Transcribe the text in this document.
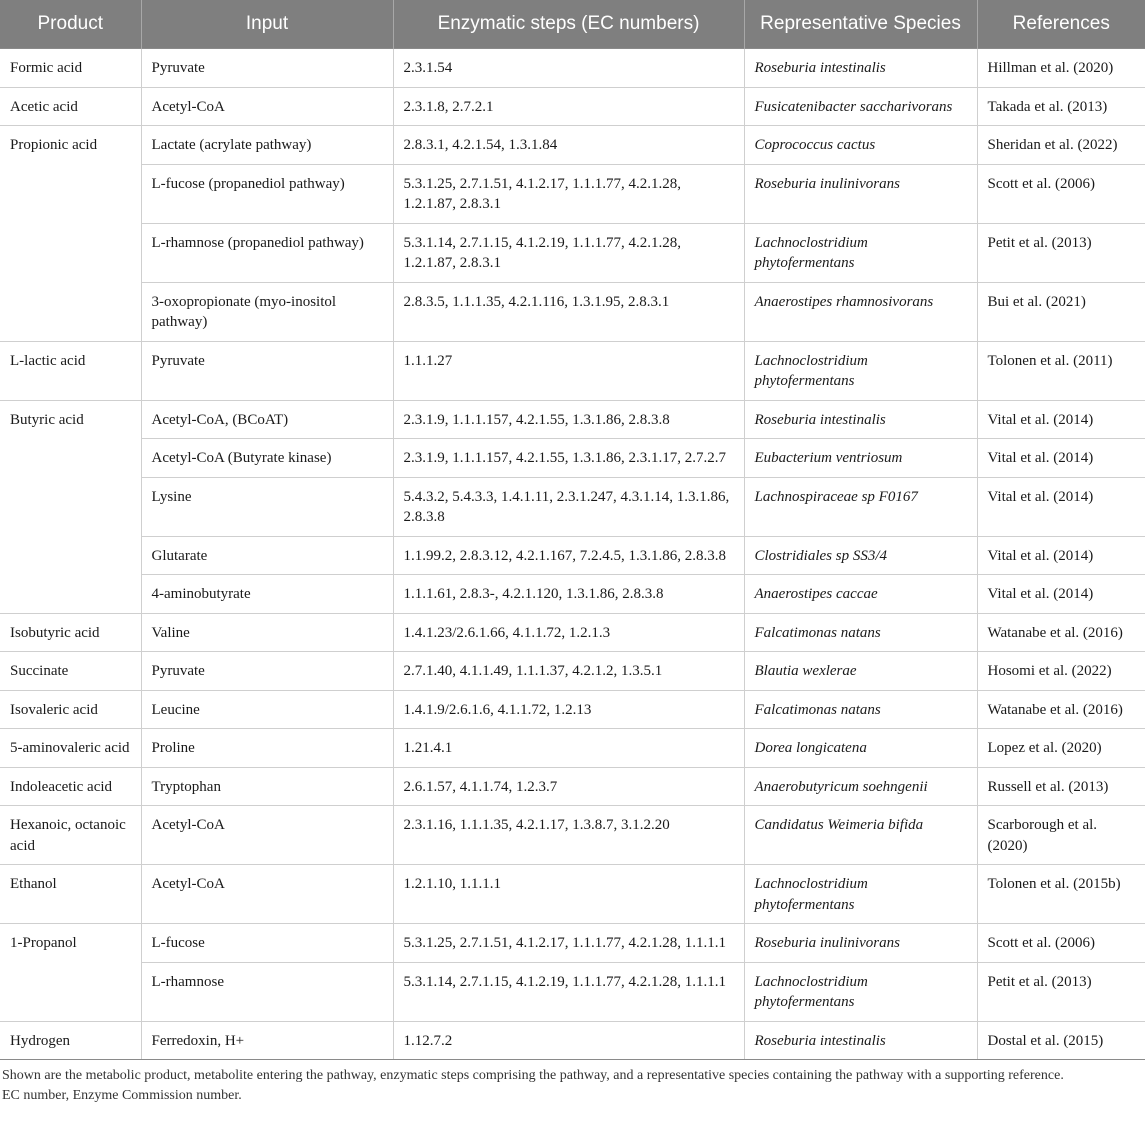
Product	Input	Enzymatic steps (EC numbers)	Representative Species	References
Formic acid	Pyruvate	2.3.1.54	Roseburia intestinalis	Hillman et al. (2020)
Acetic acid	Acetyl-CoA	2.3.1.8, 2.7.2.1	Fusicatenibacter saccharivorans	Takada et al. (2013)
Propionic acid	Lactate (acrylate pathway)	2.8.3.1, 4.2.1.54, 1.3.1.84	Coprococcus cactus	Sheridan et al. (2022)
	L-fucose (propanediol pathway)	5.3.1.25, 2.7.1.51, 4.1.2.17, 1.1.1.77, 4.2.1.28, 1.2.1.87, 2.8.3.1	Roseburia inulinivorans	Scott et al. (2006)
	L-rhamnose (propanediol pathway)	5.3.1.14, 2.7.1.15, 4.1.2.19, 1.1.1.77, 4.2.1.28, 1.2.1.87, 2.8.3.1	Lachnoclostridium phytofermentans	Petit et al. (2013)
	3-oxopropionate (myo-inositol pathway)	2.8.3.5, 1.1.1.35, 4.2.1.116, 1.3.1.95, 2.8.3.1	Anaerostipes rhamnosivorans	Bui et al. (2021)
L-lactic acid	Pyruvate	1.1.1.27	Lachnoclostridium phytofermentans	Tolonen et al. (2011)
Butyric acid	Acetyl-CoA, (BCoAT)	2.3.1.9, 1.1.1.157, 4.2.1.55, 1.3.1.86, 2.8.3.8	Roseburia intestinalis	Vital et al. (2014)
	Acetyl-CoA (Butyrate kinase)	2.3.1.9, 1.1.1.157, 4.2.1.55, 1.3.1.86, 2.3.1.17, 2.7.2.7	Eubacterium ventriosum	Vital et al. (2014)
	Lysine	5.4.3.2, 5.4.3.3, 1.4.1.11, 2.3.1.247, 4.3.1.14, 1.3.1.86, 2.8.3.8	Lachnospiraceae sp F0167	Vital et al. (2014)
	Glutarate	1.1.99.2, 2.8.3.12, 4.2.1.167, 7.2.4.5, 1.3.1.86, 2.8.3.8	Clostridiales sp SS3/4	Vital et al. (2014)
	4-aminobutyrate	1.1.1.61, 2.8.3-, 4.2.1.120, 1.3.1.86, 2.8.3.8	Anaerostipes caccae	Vital et al. (2014)
Isobutyric acid	Valine	1.4.1.23/2.6.1.66, 4.1.1.72, 1.2.1.3	Falcatimonas natans	Watanabe et al. (2016)
Succinate	Pyruvate	2.7.1.40, 4.1.1.49, 1.1.1.37, 4.2.1.2, 1.3.5.1	Blautia wexlerae	Hosomi et al. (2022)
Isovaleric acid	Leucine	1.4.1.9/2.6.1.6, 4.1.1.72, 1.2.13	Falcatimonas natans	Watanabe et al. (2016)
5-aminovaleric acid	Proline	1.21.4.1	Dorea longicatena	Lopez et al. (2020)
Indoleacetic acid	Tryptophan	2.6.1.57, 4.1.1.74, 1.2.3.7	Anaerobutyricum soehngenii	Russell et al. (2013)
Hexanoic, octanoic acid	Acetyl-CoA	2.3.1.16, 1.1.1.35, 4.2.1.17, 1.3.8.7, 3.1.2.20	Candidatus Weimeria bifida	Scarborough et al. (2020)
Ethanol	Acetyl-CoA	1.2.1.10, 1.1.1.1	Lachnoclostridium phytofermentans	Tolonen et al. (2015b)
1-Propanol	L-fucose	5.3.1.25, 2.7.1.51, 4.1.2.17, 1.1.1.77, 4.2.1.28, 1.1.1.1	Roseburia inulinivorans	Scott et al. (2006)
	L-rhamnose	5.3.1.14, 2.7.1.15, 4.1.2.19, 1.1.1.77, 4.2.1.28, 1.1.1.1	Lachnoclostridium phytofermentans	Petit et al. (2013)
Hydrogen	Ferredoxin, H+	1.12.7.2	Roseburia intestinalis	Dostal et al. (2015)
Shown are the metabolic product, metabolite entering the pathway, enzymatic steps comprising the pathway, and a representative species containing the pathway with a supporting reference.
EC number, Enzyme Commission number.
